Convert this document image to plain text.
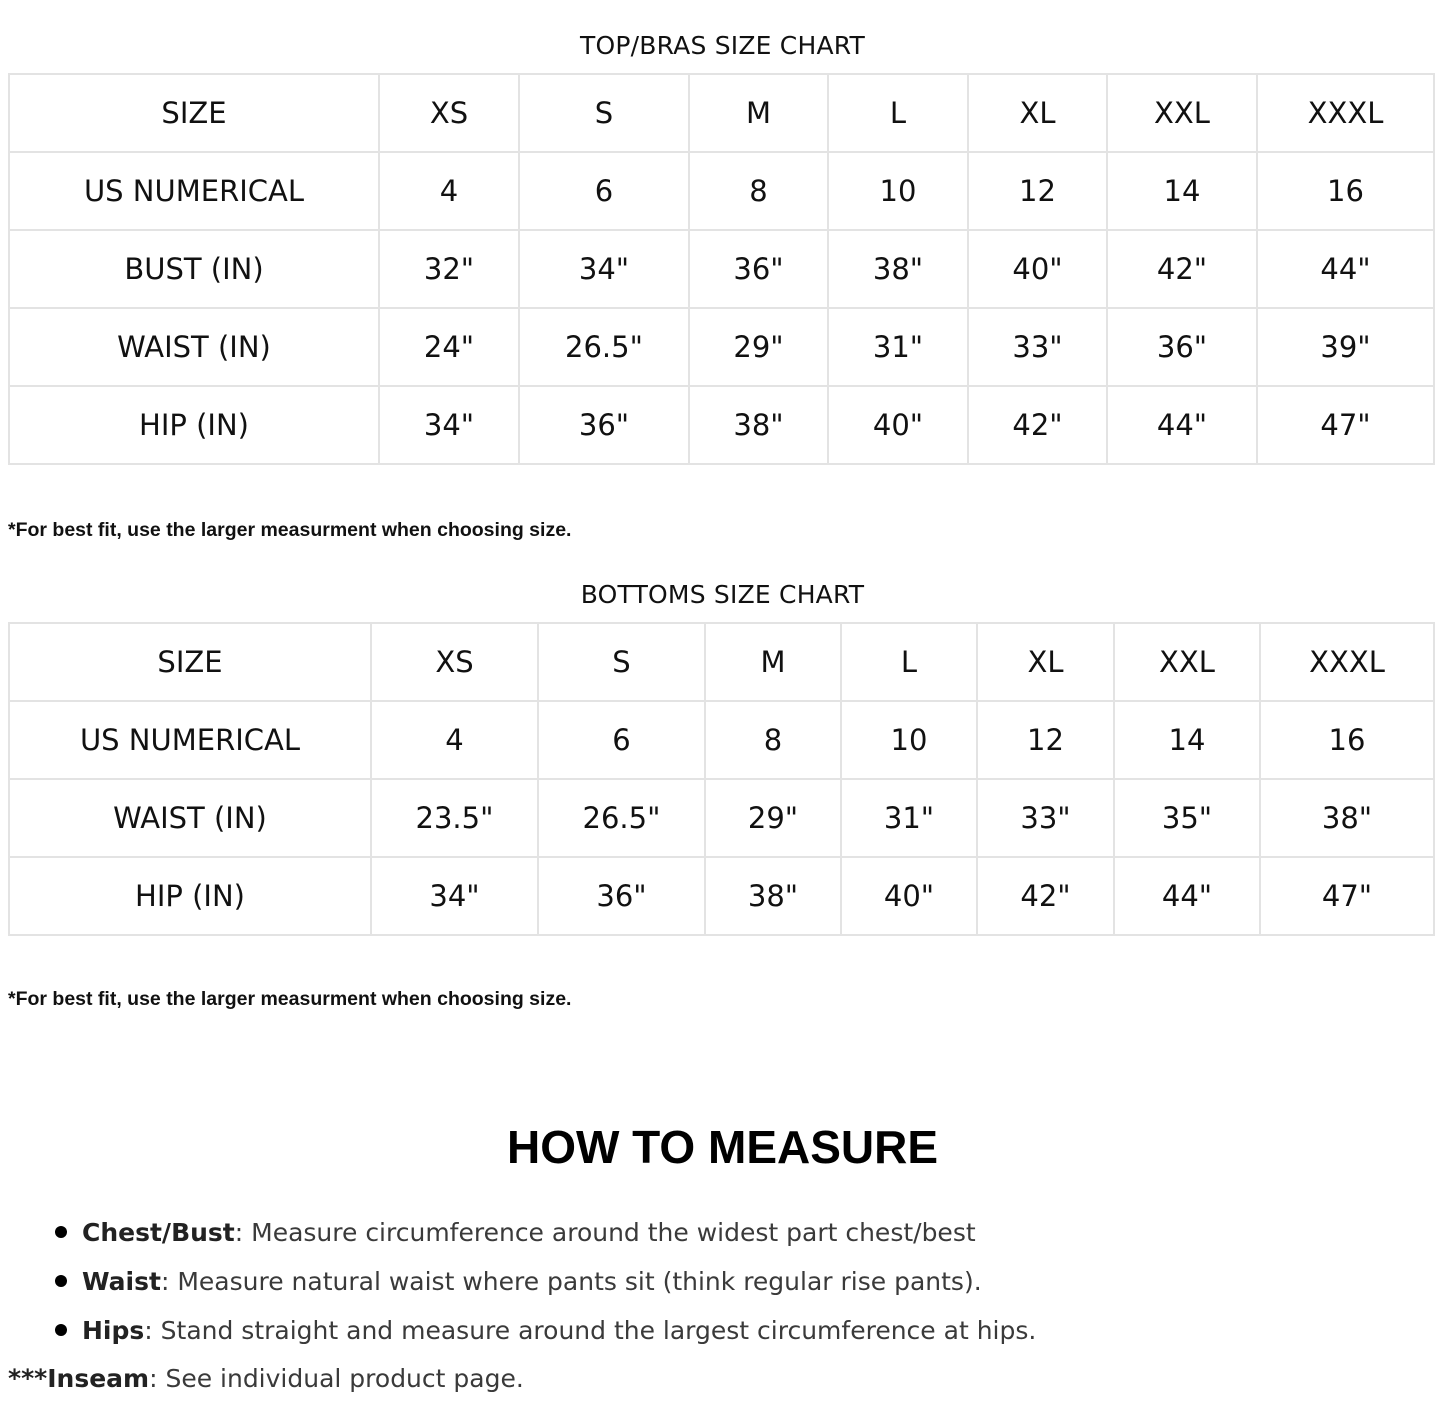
TOP/BRAS SIZE CHART
SIZE	XS	S	M	L	XL	XXL	XXXL
US NUMERICAL	4	6	8	10	12	14	16
BUST (IN)	32"	34"	36"	38"	40"	42"	44"
WAIST (IN)	24"	26.5"	29"	31"	33"	36"	39"
HIP (IN)	34"	36"	38"	40"	42"	44"	47"
*For best fit, use the larger measurment when choosing size.
BOTTOMS SIZE CHART
SIZE	XS	S	M	L	XL	XXL	XXXL
US NUMERICAL	4	6	8	10	12	14	16
WAIST (IN)	23.5"	26.5"	29"	31"	33"	35"	38"
HIP (IN)	34"	36"	38"	40"	42"	44"	47"
*For best fit, use the larger measurment when choosing size.
HOW TO MEASURE
Chest/Bust: Measure circumference around the widest part chest/best
Waist: Measure natural waist where pants sit (think regular rise pants).
Hips: Stand straight and measure around the largest circumference at hips.
***Inseam: See individual product page.
